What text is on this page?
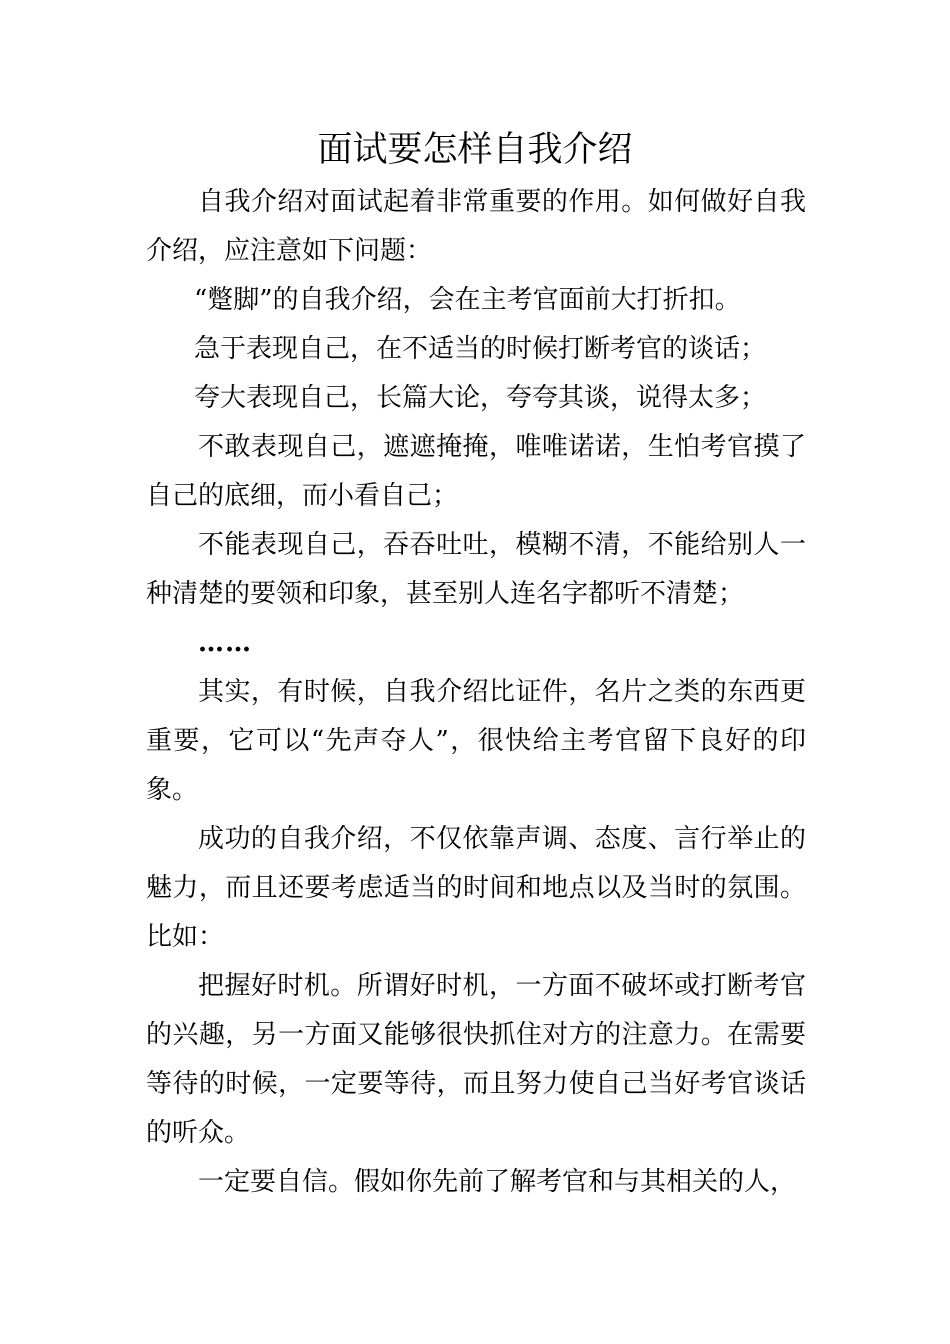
面试要怎样自我介绍

自我介绍对面试起着非常重要的作用。如何做好自我介绍，应注意如下问题：

“蹩脚”的自我介绍，会在主考官面前大打折扣。

急于表现自己，在不适当的时候打断考官的谈话；

夸大表现自己，长篇大论，夸夸其谈，说得太多；

不敢表现自己，遮遮掩掩，唯唯诺诺，生怕考官摸了自己的底细，而小看自己；

不能表现自己，吞吞吐吐，模糊不清，不能给别人一种清楚的要领和印象，甚至别人连名字都听不清楚；

……

其实，有时候，自我介绍比证件，名片之类的东西更重要，它可以“先声夺人”，很快给主考官留下良好的印象。

成功的自我介绍，不仅依靠声调、态度、言行举止的魅力，而且还要考虑适当的时间和地点以及当时的氛围。比如：

把握好时机。所谓好时机，一方面不破坏或打断考官的兴趣，另一方面又能够很快抓住对方的注意力。在需要等待的时候，一定要等待，而且努力使自己当好考官谈话的听众。

一定要自信。假如你先前了解考官和与其相关的人，
